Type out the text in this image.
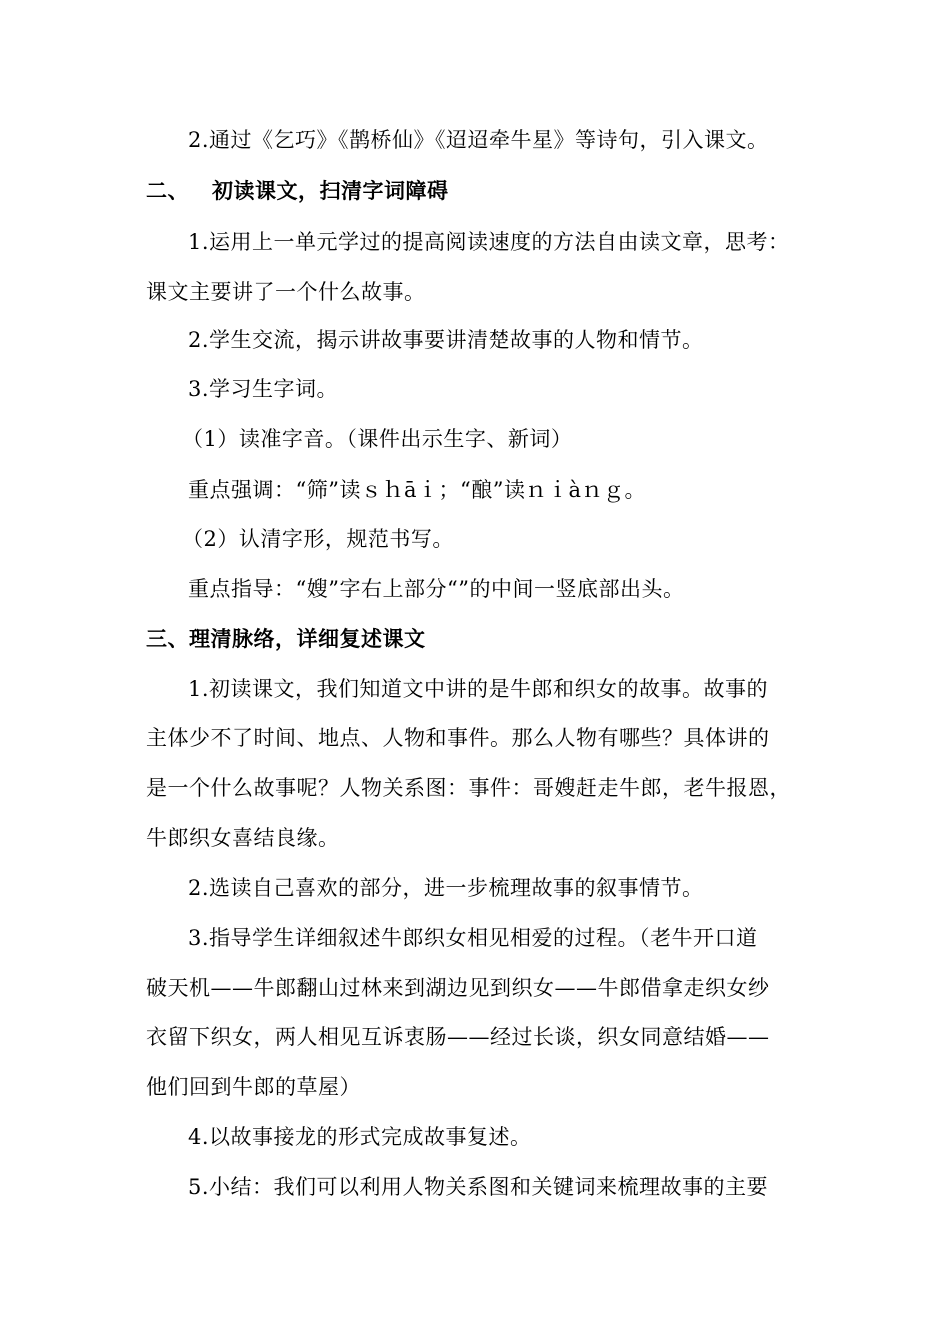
2.通过《乞巧》《鹊桥仙》《迢迢牵牛星》等诗句，引入课文。
二、 初读课文，扫清字词障碍
1.运用上一单元学过的提高阅读速度的方法自由读文章，思考：
课文主要讲了一个什么故事。
2.学生交流，揭示讲故事要讲清楚故事的人物和情节。
3.学习生字词。
（1）读准字音。（课件出示生字、新词）
重点强调：“筛”读ｓｈāｉ；“酿”读ｎｉàｎｇ。
（2）认清字形，规范书写。
重点指导：“嫂”字右上部分“”的中间一竖底部出头。
三、理清脉络，详细复述课文
1.初读课文，我们知道文中讲的是牛郎和织女的故事。故事的
主体少不了时间、地点、人物和事件。那么人物有哪些？具体讲的
是一个什么故事呢？人物关系图：事件：哥嫂赶走牛郎，老牛报恩，
牛郎织女喜结良缘。
2.选读自己喜欢的部分，进一步梳理故事的叙事情节。
3.指导学生详细叙述牛郎织女相见相爱的过程。（老牛开口道
破天机——牛郎翻山过林来到湖边见到织女——牛郎借拿走织女纱
衣留下织女，两人相见互诉衷肠——经过长谈，织女同意结婚——
他们回到牛郎的草屋）
4.以故事接龙的形式完成故事复述。
5.小结：我们可以利用人物关系图和关键词来梳理故事的主要
